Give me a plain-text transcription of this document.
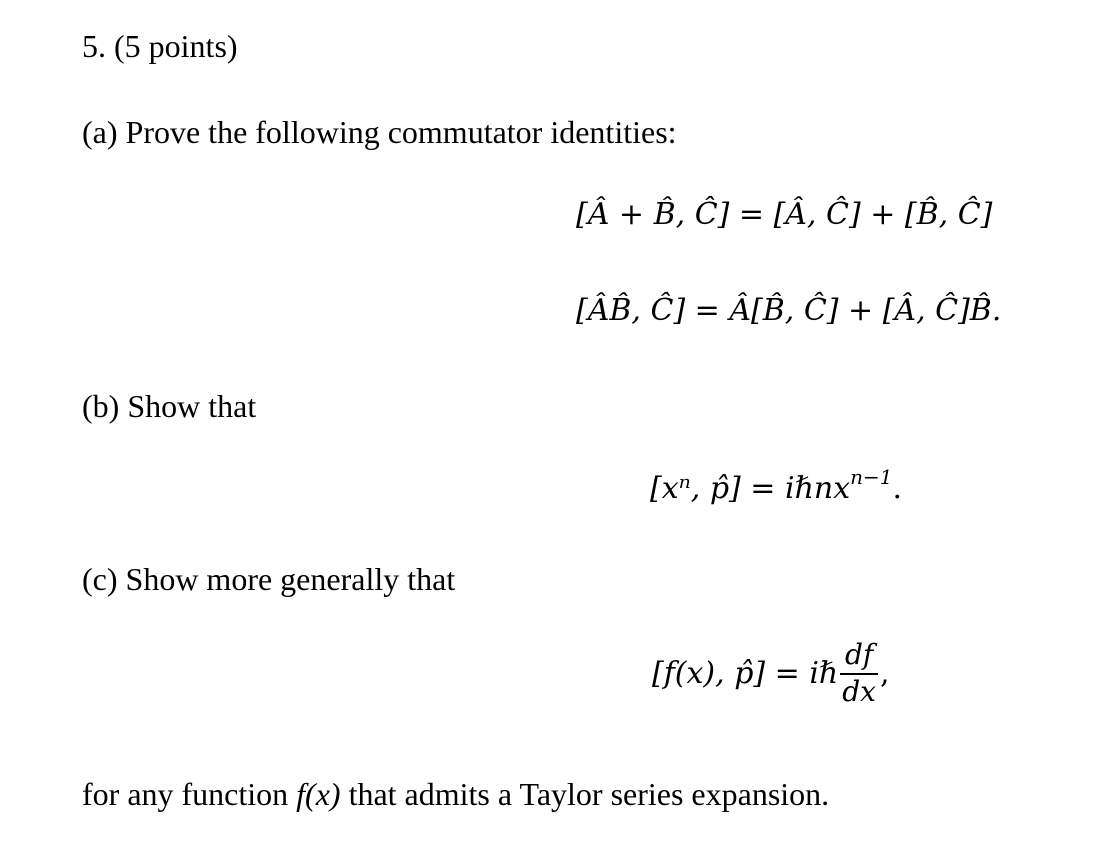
5. (5 points)
(a) Prove the following commutator identities:
[Â + B̂, Ĉ] = [Â, Ĉ] + [B̂, Ĉ]
[ÂB̂, Ĉ] = Â[B̂, Ĉ] + [Â, Ĉ]B̂.
(b) Show that
[xⁿ, p̂] = iℏnx$^{n-1}$.
(c) Show more generally that
[f(x), p̂] = iℏ $\frac{df}{dx}$ ,
for any function f(x) that admits a Taylor series expansion.
